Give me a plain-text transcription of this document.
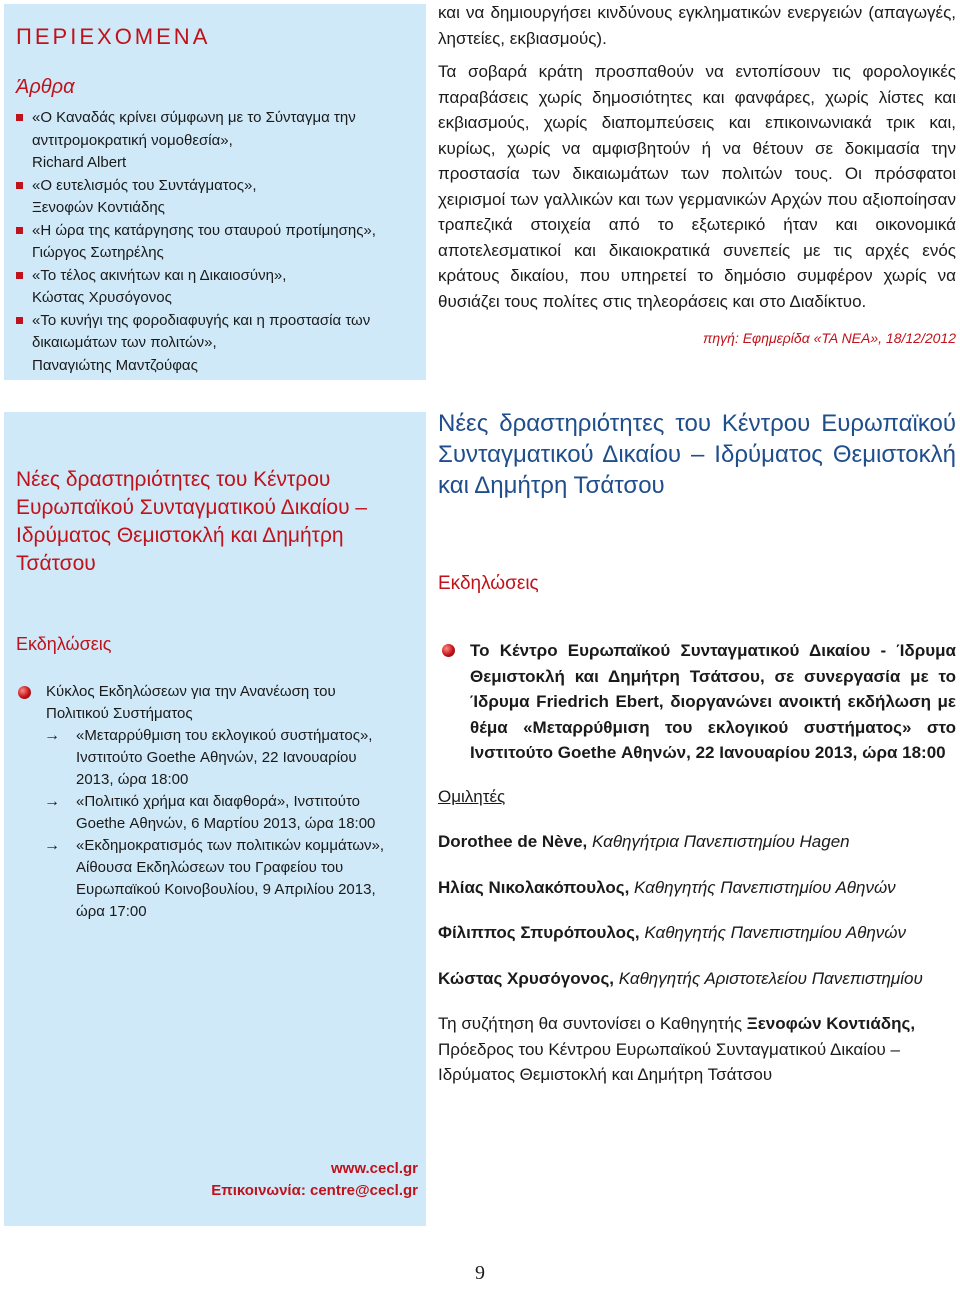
ΠΕΡΙΕΧΟΜΕΝΑ
Άρθρα
«Ο Καναδάς κρίνει σύμφωνη με το Σύνταγμα την
αντιτρομοκρατική νομοθεσία»,
Richard Albert
«Ο ευτελισμός του Συντάγματος»,
Ξενοφών Κοντιάδης
«Η ώρα της κατάργησης του σταυρού προτίμησης»,
Γιώργος Σωτηρέλης
«Το τέλος ακινήτων και η Δικαιοσύνη»,
Κώστας Χρυσόγονος
«Το κυνήγι της φοροδιαφυγής και η προστασία των
δικαιωμάτων των πολιτών»,
Παναγιώτης Μαντζούφας
Νέες δραστηριότητες του Κέντρου
Ευρωπαϊκού Συνταγματικού Δικαίου –
Ιδρύματος Θεμιστοκλή και Δημήτρη
Τσάτσου
Εκδηλώσεις
Κύκλος Εκδηλώσεων για την Ανανέωση του
Πολιτικού Συστήματος
→ «Μεταρρύθμιση του εκλογικού συστήματος»,
Ινστιτούτο Goethe Αθηνών, 22 Ιανουαρίου
2013, ώρα 18:00
→ «Πολιτικό χρήμα και διαφθορά», Ινστιτούτο
Goethe Αθηνών, 6 Μαρτίου 2013, ώρα 18:00
→ «Εκδημοκρατισμός των πολιτικών κομμάτων»,
Αίθουσα Εκδηλώσεων του Γραφείου του
Ευρωπαϊκού Κοινοβουλίου, 9 Απριλίου 2013,
ώρα 17:00
www.cecl.gr
Επικοινωνία: centre@cecl.gr

και να δημιουργήσει κινδύνους εγκληματικών ενεργειών (απαγωγές, ληστείες, εκβιασμούς).

Τα σοβαρά κράτη προσπαθούν να εντοπίσουν τις φορολογικές παραβάσεις χωρίς δημοσιότητες και φανφάρες, χωρίς λίστες και εκβιασμούς, χωρίς διαπομπεύσεις και επικοινωνιακά τρικ και, κυρίως, χωρίς να αμφισβητούν ή να θέτουν σε δοκιμασία την προστασία των δικαιωμάτων των πολιτών τους. Οι πρόσφατοι χειρισμοί των γαλλικών και των γερμανικών Αρχών που αξιοποίησαν τραπεζικά στοιχεία από το εξωτερικό ήταν και οικονομικά αποτελεσματικοί και δικαιοκρατικά συνεπείς με τις αρχές ενός κράτους δικαίου, που υπηρετεί το δημόσιο συμφέρον χωρίς να θυσιάζει τους πολίτες στις τηλεοράσεις και στο Διαδίκτυο.

πηγή: Εφημερίδα «ΤΑ ΝΕΑ», 18/12/2012
Νέες δραστηριότητες του Κέντρου Ευρωπαϊκού Συνταγματικού Δικαίου – Ιδρύματος Θεμιστοκλή και Δημήτρη Τσάτσου
Εκδηλώσεις
Το Κέντρο Ευρωπαϊκού Συνταγματικού Δικαίου - Ίδρυμα Θεμιστοκλή και Δημήτρη Τσάτσου, σε συνεργασία με το Ίδρυμα Friedrich Ebert, διοργανώνει ανοικτή εκδήλωση με θέμα «Μεταρρύθμιση του εκλογικού συστήματος» στο Ινστιτούτο Goethe Αθηνών, 22 Ιανουαρίου 2013, ώρα 18:00
Ομιλητές
Dorothee de Nève, Καθηγήτρια Πανεπιστημίου Hagen
Ηλίας Νικολακόπουλος, Καθηγητής Πανεπιστημίου Αθηνών
Φίλιππος Σπυρόπουλος, Καθηγητής Πανεπιστημίου Αθηνών
Κώστας Χρυσόγονος, Καθηγητής Αριστοτελείου Πανεπιστημίου
Τη συζήτηση θα συντονίσει ο Καθηγητής Ξενοφών Κοντιάδης, Πρόεδρος του Κέντρου Ευρωπαϊκού Συνταγματικού Δικαίου – Ιδρύματος Θεμιστοκλή και Δημήτρη Τσάτσου
9
